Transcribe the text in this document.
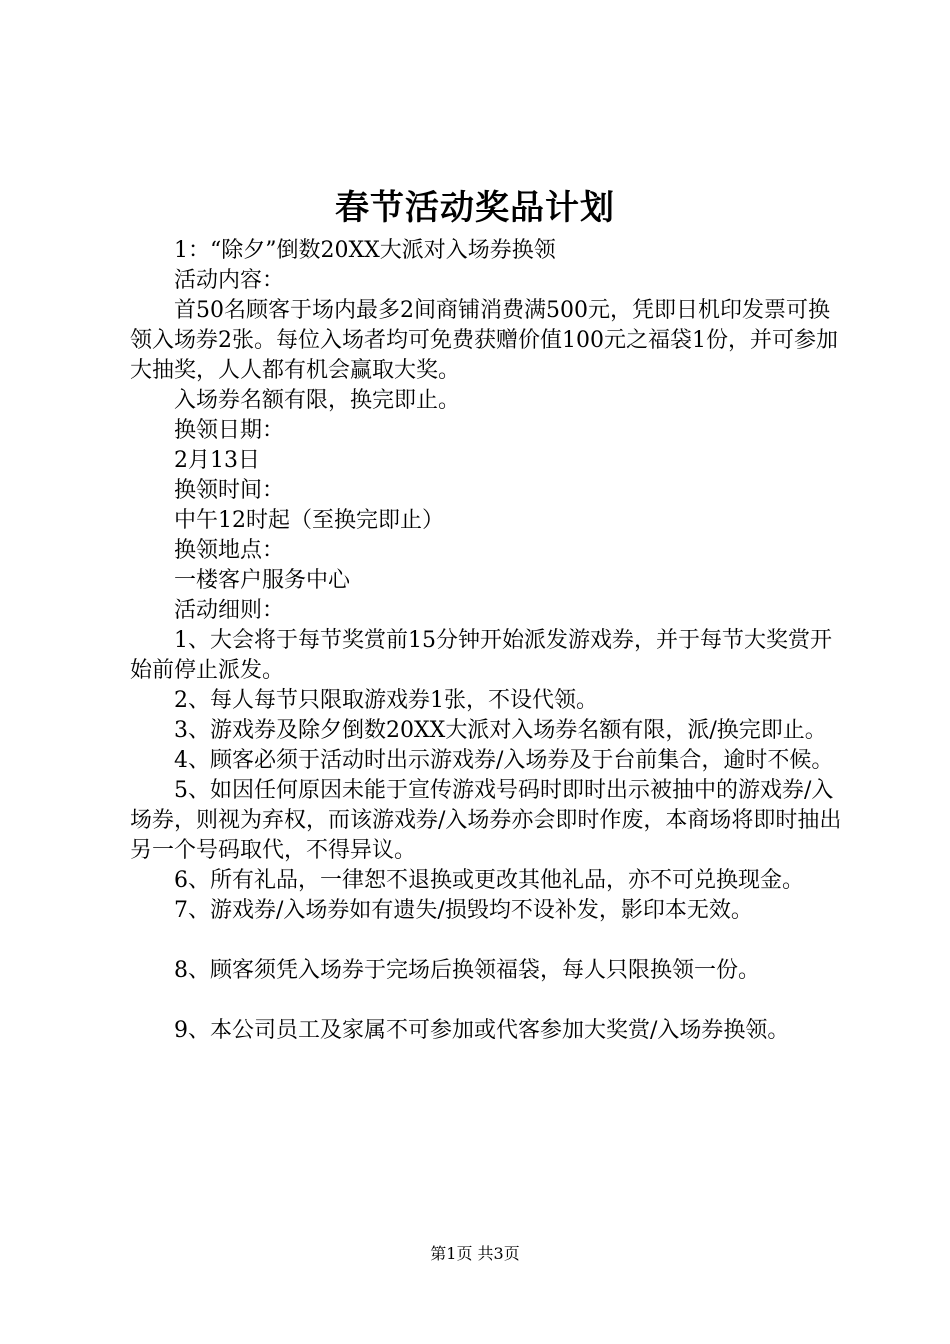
春节活动奖品计划

1：“除夕”倒数20XX大派对入场券换领

活动内容：

首50名顾客于场内最多2间商铺消费满500元，凭即日机印发票可换领入场券2张。每位入场者均可免费获赠价值100元之福袋1份，并可参加大抽奖，人人都有机会赢取大奖。

入场券名额有限，换完即止。

换领日期：

2月13日

换领时间：

中午12时起（至换完即止）

换领地点：

一楼客户服务中心

活动细则：

1、大会将于每节奖赏前15分钟开始派发游戏券，并于每节大奖赏开始前停止派发。

2、每人每节只限取游戏券1张，不设代领。

3、游戏券及除夕倒数20XX大派对入场券名额有限，派/换完即止。

4、顾客必须于活动时出示游戏券/入场券及于台前集合，逾时不候。

5、如因任何原因未能于宣传游戏号码时即时出示被抽中的游戏券/入场券，则视为弃权，而该游戏券/入场券亦会即时作废，本商场将即时抽出另一个号码取代，不得异议。

6、所有礼品，一律恕不退换或更改其他礼品，亦不可兑换现金。

7、游戏券/入场券如有遗失/损毁均不设补发，影印本无效。

8、顾客须凭入场券于完场后换领福袋，每人只限换领一份。

9、本公司员工及家属不可参加或代客参加大奖赏/入场券换领。

第1页 共3页
